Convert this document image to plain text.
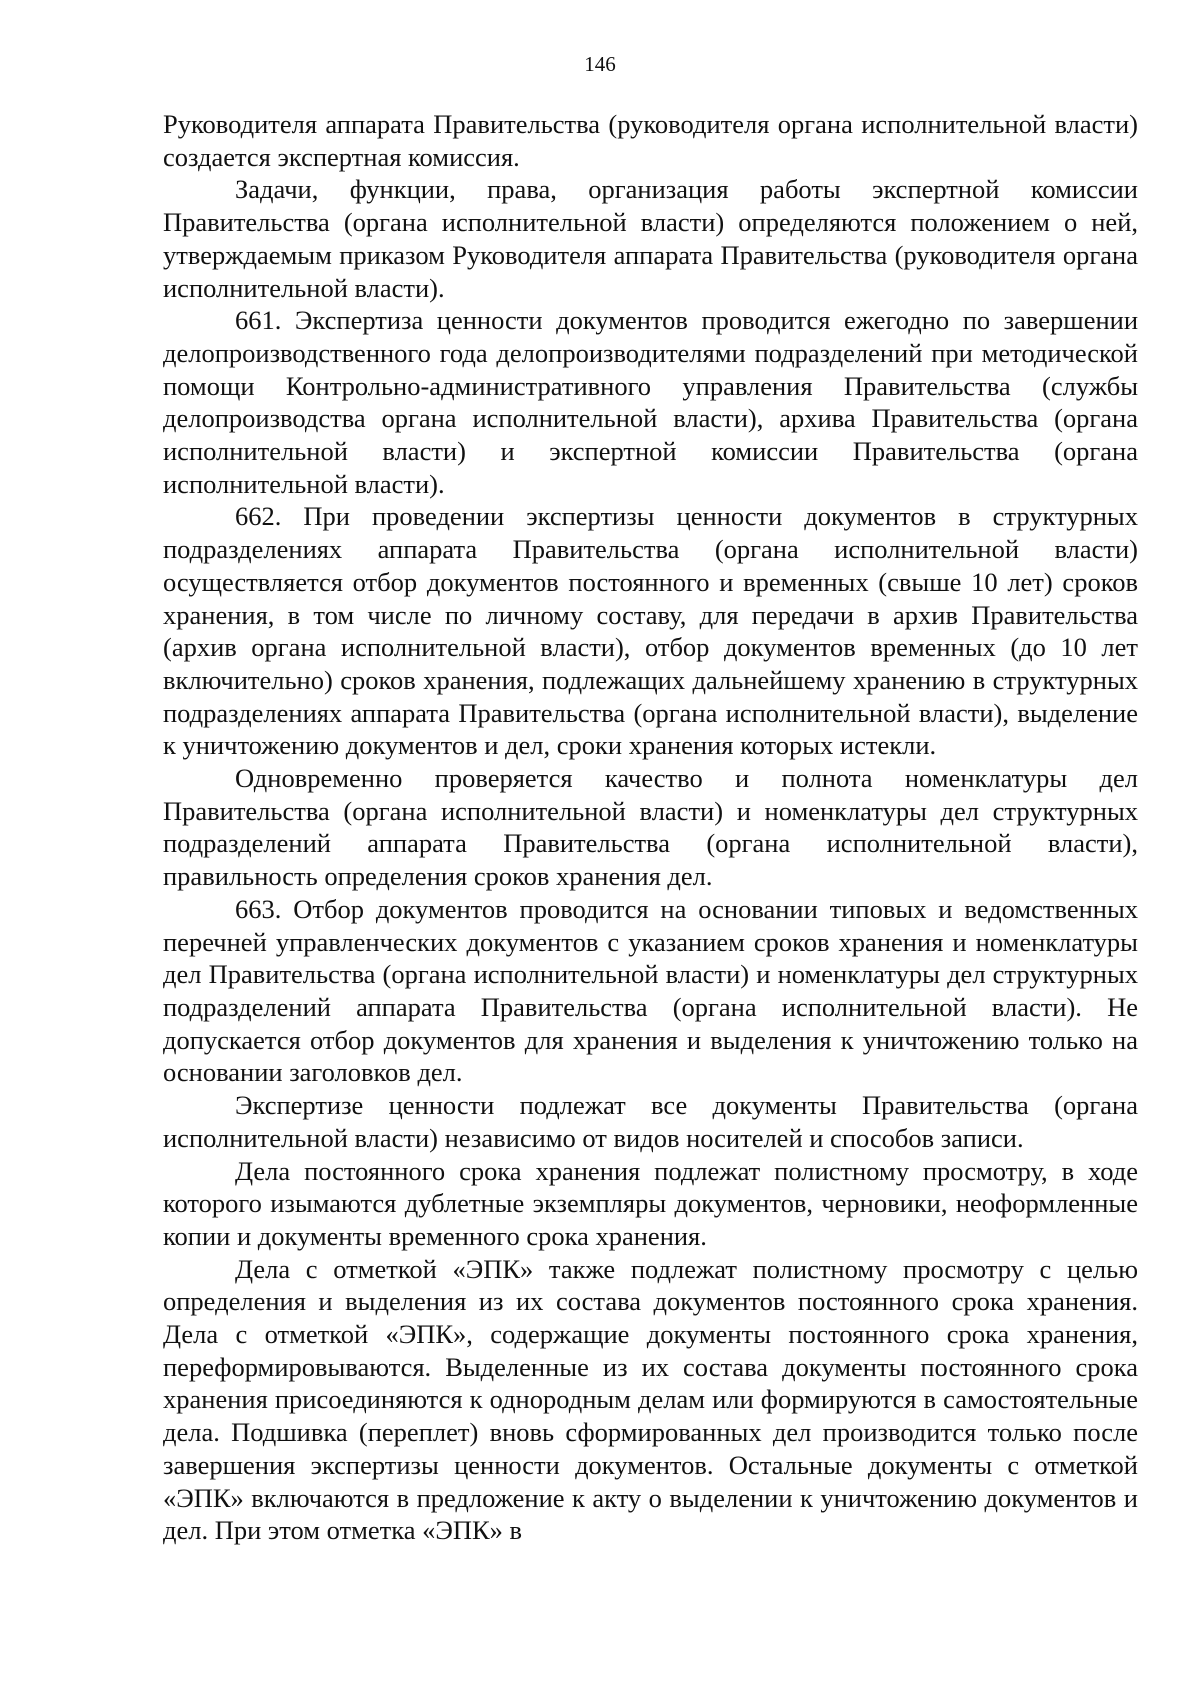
146

Руководителя аппарата Правительства (руководителя органа исполнительной власти) создается экспертная комиссия.

Задачи, функции, права, организация работы экспертной комиссии Правительства (органа исполнительной власти) определяются положением о ней, утверждаемым приказом Руководителя аппарата Правительства (руководителя органа исполнительной власти).

661. Экспертиза ценности документов проводится ежегодно по завершении делопроизводственного года делопроизводителями подразделений при методической помощи Контрольно-административного управления Правительства (службы делопроизводства органа исполнительной власти), архива Правительства (органа исполнительной власти) и экспертной комиссии Правительства (органа исполнительной власти).

662. При проведении экспертизы ценности документов в структурных подразделениях аппарата Правительства (органа исполнительной власти) осуществляется отбор документов постоянного и временных (свыше 10 лет) сроков хранения, в том числе по личному составу, для передачи в архив Правительства (архив органа исполнительной власти), отбор документов временных (до 10 лет включительно) сроков хранения, подлежащих дальнейшему хранению в структурных подразделениях аппарата Правительства (органа исполнительной власти), выделение к уничтожению документов и дел, сроки хранения которых истекли.

Одновременно проверяется качество и полнота номенклатуры дел Правительства (органа исполнительной власти) и номенклатуры дел структурных подразделений аппарата Правительства (органа исполнительной власти), правильность определения сроков хранения дел.

663. Отбор документов проводится на основании типовых и ведомственных перечней управленческих документов с указанием сроков хранения и номенклатуры дел Правительства (органа исполнительной власти) и номенклатуры дел структурных подразделений аппарата Правительства (органа исполнительной власти). Не допускается отбор документов для хранения и выделения к уничтожению только на основании заголовков дел.

Экспертизе ценности подлежат все документы Правительства (органа исполнительной власти) независимо от видов носителей и способов записи.

Дела постоянного срока хранения подлежат полистному просмотру, в ходе которого изымаются дублетные экземпляры документов, черновики, неоформленные копии и документы временного срока хранения.

Дела с отметкой «ЭПК» также подлежат полистному просмотру с целью определения и выделения из их состава документов постоянного срока хранения. Дела с отметкой «ЭПК», содержащие документы постоянного срока хранения, переформировываются. Выделенные из их состава документы постоянного срока хранения присоединяются к однородным делам или формируются в самостоятельные дела. Подшивка (переплет) вновь сформированных дел производится только после завершения экспертизы ценности документов. Остальные документы с отметкой «ЭПК» включаются в предложение к акту о выделении к уничтожению документов и дел. При этом отметка «ЭПК» в
